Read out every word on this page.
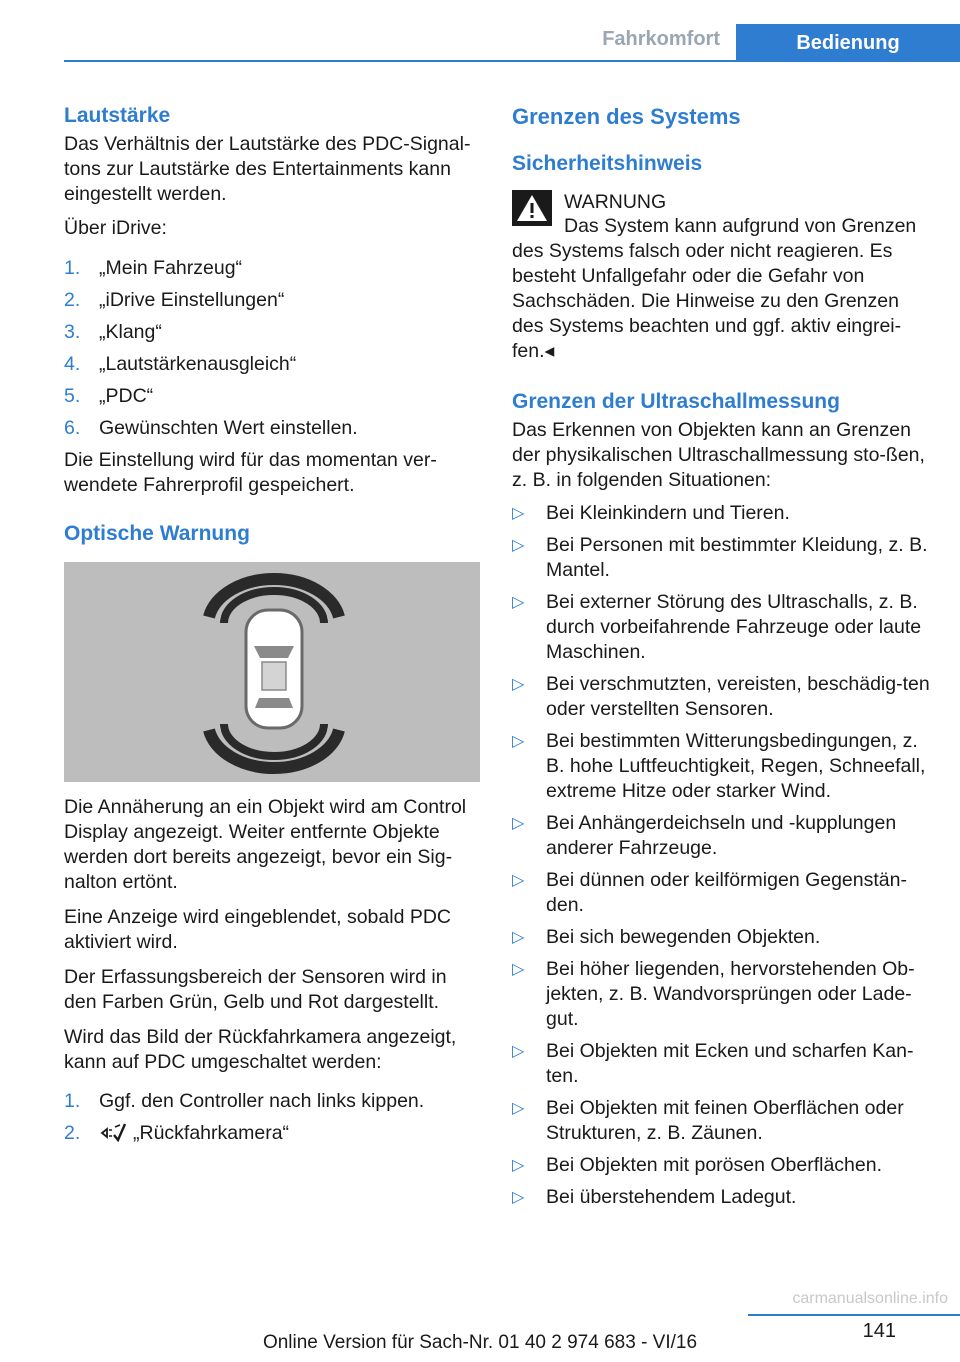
Fahrkomfort	Bedienung
Lautstärke

Das Verhältnis der Lautstärke des PDC-Signal-tons zur Lautstärke des Entertainments kann eingestellt werden.

Über iDrive:

1. „Mein Fahrzeug“
2. „iDrive Einstellungen“
3. „Klang“
4. „Lautstärkenausgleich“
5. „PDC“
6. Gewünschten Wert einstellen.

Die Einstellung wird für das momentan ver-wendete Fahrerprofil gespeichert.

Optische Warnung

Die Annäherung an ein Objekt wird am Control Display angezeigt. Weiter entfernte Objekte werden dort bereits angezeigt, bevor ein Sig-nalton ertönt.

Eine Anzeige wird eingeblendet, sobald PDC aktiviert wird.

Der Erfassungsbereich der Sensoren wird in den Farben Grün, Gelb und Rot dargestellt.

Wird das Bild der Rückfahrkamera angezeigt, kann auf PDC umgeschaltet werden:

1. Ggf. den Controller nach links kippen.
2.	„Rückfahrkamera“
Grenzen des Systems
Sicherheitshinweis

WARNUNG

Das System kann aufgrund von Grenzen des Systems falsch oder nicht reagieren. Es besteht Unfallgefahr oder die Gefahr von Sachschäden. Die Hinweise zu den Grenzen des Systems beachten und ggf. aktiv eingrei-fen.◂

Grenzen der Ultraschallmessung

Das Erkennen von Objekten kann an Grenzen der physikalischen Ultraschallmessung sto-ßen, z. B. in folgenden Situationen:

▷ Bei Kleinkindern und Tieren.
▷ Bei Personen mit bestimmter Kleidung, z. B. Mantel.
▷ Bei externer Störung des Ultraschalls, z. B. durch vorbeifahrende Fahrzeuge oder laute Maschinen.
▷ Bei verschmutzten, vereisten, beschädig-ten oder verstellten Sensoren.
▷ Bei bestimmten Witterungsbedingungen, z. B. hohe Luftfeuchtigkeit, Regen, Schneefall, extreme Hitze oder starker Wind.
▷ Bei Anhängerdeichseln und -kupplungen anderer Fahrzeuge.
▷ Bei dünnen oder keilförmigen Gegenstän-den.
▷ Bei sich bewegenden Objekten.
▷ Bei höher liegenden, hervorstehenden Ob-jekten, z. B. Wandvorsprüngen oder Lade-gut.
▷ Bei Objekten mit Ecken und scharfen Kan-ten.
▷ Bei Objekten mit feinen Oberflächen oder Strukturen, z. B. Zäunen.
▷ Bei Objekten mit porösen Oberflächen.
▷ Bei überstehendem Ladegut.
141
Online Version für Sach-Nr. 01 40 2 974 683 - VI/16
carmanualsonline.info
